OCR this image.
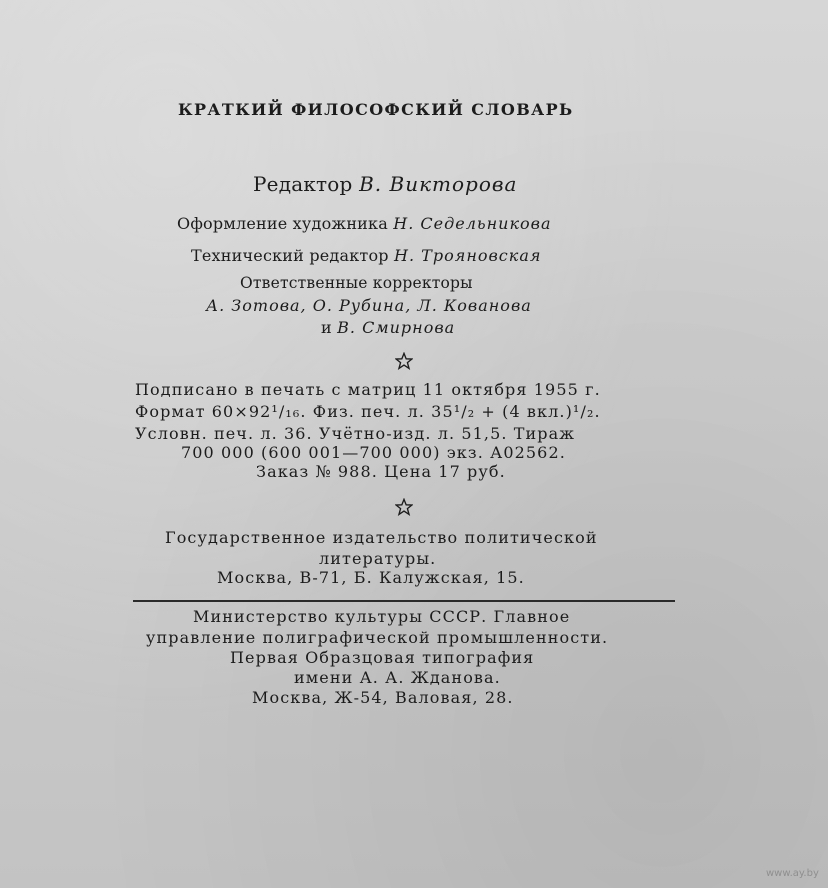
КРАТКИЙ ФИЛОСОФСКИЙ СЛОВАРЬ
Редактор В. Викторова
Оформление художника Н. Седельникова
Технический редактор Н. Трояновская
Ответственные корректоры
А. Зотова, О. Рубина, Л. Кованова
и В. Смирнова
Подписано в печать с матриц 11 октября 1955 г.
Формат 60×92¹/₁₆. Физ. печ. л. 35¹/₂ + (4 вкл.)¹/₂.
Условн. печ. л. 36. Учётно-изд. л. 51,5. Тираж
700 000 (600 001—700 000) экз. А02562.
Заказ № 988. Цена 17 руб.
Государственное издательство политической
литературы.
Москва, В-71, Б. Калужская, 15.
Министерство культуры СССР. Главное
управление полиграфической промышленности.
Первая Образцовая типография
имени А. А. Жданова.
Москва, Ж-54, Валовая, 28.
www.ay.by
